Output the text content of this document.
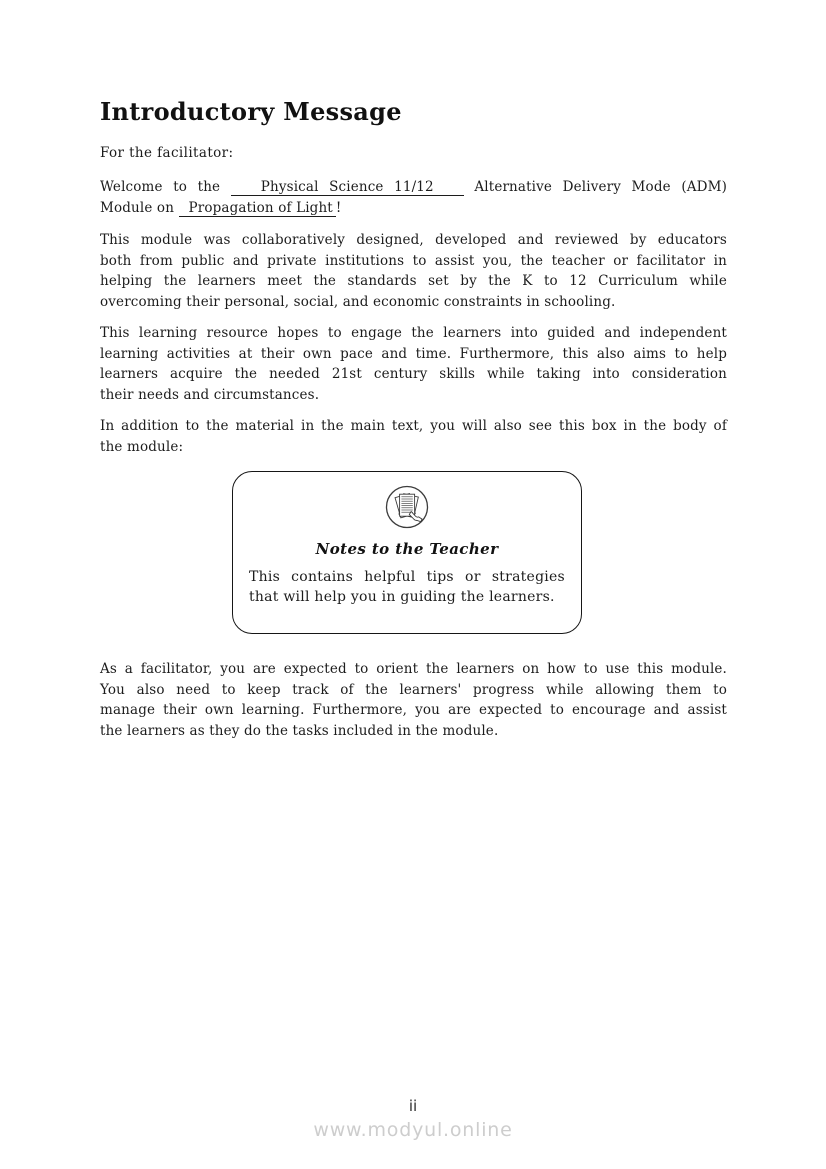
Introductory Message
For the facilitator:
Welcome to the	Physical Science 11/12	Alternative Delivery Mode (ADM)
Module on Propagation of Light !
This module was collaboratively designed, developed and reviewed by educators
both from public and private institutions to assist you, the teacher or facilitator in
helping the learners meet the standards set by the K to 12 Curriculum while
overcoming their personal, social, and economic constraints in schooling.
This learning resource hopes to engage the learners into guided and independent
learning activities at their own pace and time. Furthermore, this also aims to help
learners acquire the needed 21st century skills while taking into consideration
their needs and circumstances.
In addition to the material in the main text, you will also see this box in the body of
the module:
Notes to the Teacher
This contains helpful tips or strategies
that will help you in guiding the learners.
As a facilitator, you are expected to orient the learners on how to use this module.
You also need to keep track of the learners' progress while allowing them to
manage their own learning. Furthermore, you are expected to encourage and assist
the learners as they do the tasks included in the module.
ii
www.modyul.online
